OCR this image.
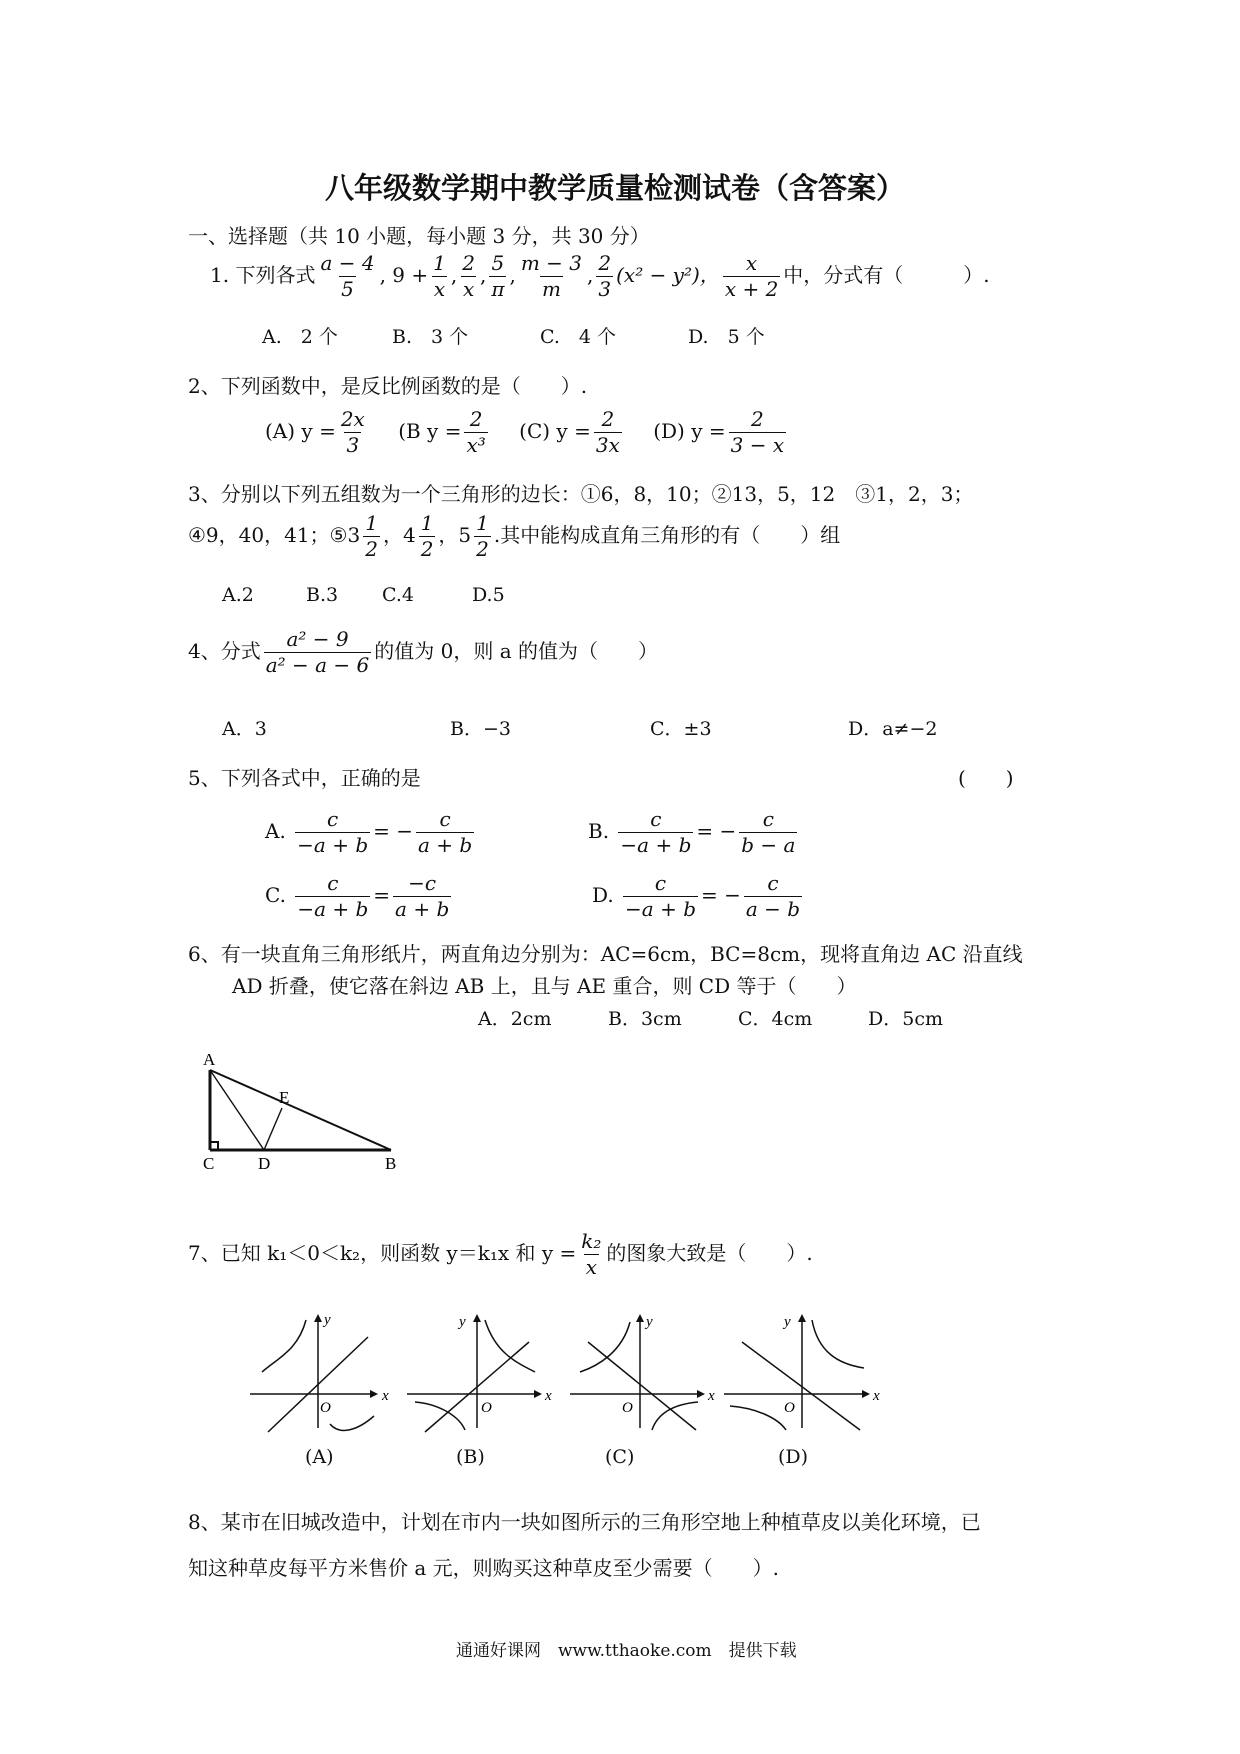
八年级数学期中教学质量检测试卷（含答案）
一、选择题（共 10 小题，每小题 3 分，共 30 分）
1. 下列各式 $\frac{a - 4}{5}$ , $9 + \frac{1}{x}$ , $\frac{2}{x}$ , $\frac{5}{\pi}$ , $\frac{m - 3}{m}$ , $\frac{2}{3} (x^2 - y^2)$， $\frac{x}{x + 2}$ 中，分式有（　　　）.
A.　2 个	B.　3 个	C.　4 个	D.　5 个
2、下列函数中，是反比例函数的是（　　）.
(A) $y = \frac{2x}{3} (B$ $y = \frac{2}{\text{x³}} (C) y = \frac{2}{3x} (D) y = \frac{2}{3 - x}$
3、分别以下列五组数为一个三角形的边长：①6，8，10；②13，5，12　③1，2，3；
④9，40，41；⑤3 $\frac{1}{2}$ ，$4 \frac{1}{2}$ ，$5 \frac{1}{2}$ .其中能构成直角三角形的有（　　）组
A.2	B.3 C.4	D.5
4、分式 $\frac{\text{a² − 9}}{\text{a² − a − 6}}$ 的值为 0，则 a 的值为（　　）
A．3	B．−3	C．±3	D．a≠−2
5、下列各式中，正确的是	(　　)
A. $\frac{c}{-a + b}$ = − $\frac{c}{a + b}$	B. $\frac{c}{-a + b}$ = − $\frac{c}{b - a}$
C. $\frac{c}{-a + b} = \frac{-c}{a + b}$	D. $\frac{c}{-a + b}$ = − $\frac{c}{a - b}$
6、有一块直角三角形纸片，两直角边分别为：AC=6cm，BC=8cm，现将直角边 AC 沿直线
AD 折叠，使它落在斜边 AB 上，且与 AE 重合，则 CD 等于（　　）
A．2cm	B．3cm	C．4cm	D．5cm
A
E
C	D	B
7、已知 k₁＜0＜k₂，则函数 y＝k₁x 和 $y = \frac{\text{k₂}}{x}$ 的图象大致是（　　）.
x
y
O
x
y
O
x
y
O
x
y
O
(A)	(B)	(C)	(D)
8、某市在旧城改造中，计划在市内一块如图所示的三角形空地上种植草皮以美化环境，已
知这种草皮每平方米售价 a 元，则购买这种草皮至少需要（　　）.
通通好课网　www.tthaoke.com　提供下载
